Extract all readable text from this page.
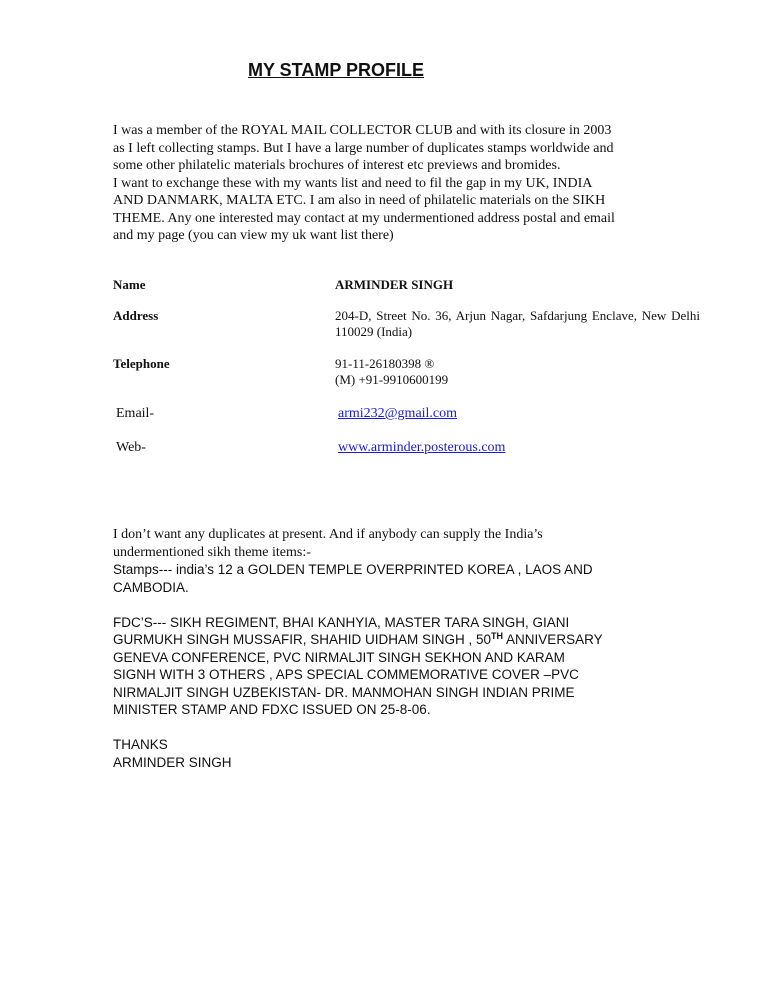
MY STAMP PROFILE
I was a member of the ROYAL MAIL COLLECTOR CLUB and with its closure in 2003
as I left collecting stamps. But I have a large number of duplicates stamps worldwide and
some other philatelic materials brochures of interest etc previews and bromides.
I want to exchange these with my wants list and need to fil the gap in my UK, INDIA
AND DANMARK, MALTA ETC. I am also in need of philatelic materials on the SIKH
THEME. Any one interested may contact at my undermentioned address postal and email
and my page (you can view my uk want list there)
Name	ARMINDER SINGH
Address	204-D, Street No. 36, Arjun Nagar, Safdarjung Enclave, New Delhi 110029 (India)
Telephone	91-11-26180398 ®
(M) +91-9910600199
Email-	armi232@gmail.com
Web-	www.arminder.posterous.com
I don’t want any duplicates at present. And if anybody can supply the India’s
undermentioned sikh theme items:-
Stamps--- india’s 12 a GOLDEN TEMPLE OVERPRINTED KOREA , LAOS AND
CAMBODIA.
FDC’S--- SIKH REGIMENT, BHAI KANHYIA, MASTER TARA SINGH, GIANI
GURMUKH SINGH MUSSAFIR, SHAHID UIDHAM SINGH , 50TH ANNIVERSARY
GENEVA CONFERENCE, PVC NIRMALJIT SINGH SEKHON AND KARAM
SIGNH WITH 3 OTHERS , APS SPECIAL COMMEMORATIVE COVER –PVC
NIRMALJIT SINGH UZBEKISTAN- DR. MANMOHAN SINGH INDIAN PRIME
MINISTER STAMP AND FDXC ISSUED ON 25-8-06.
THANKS
ARMINDER SINGH
